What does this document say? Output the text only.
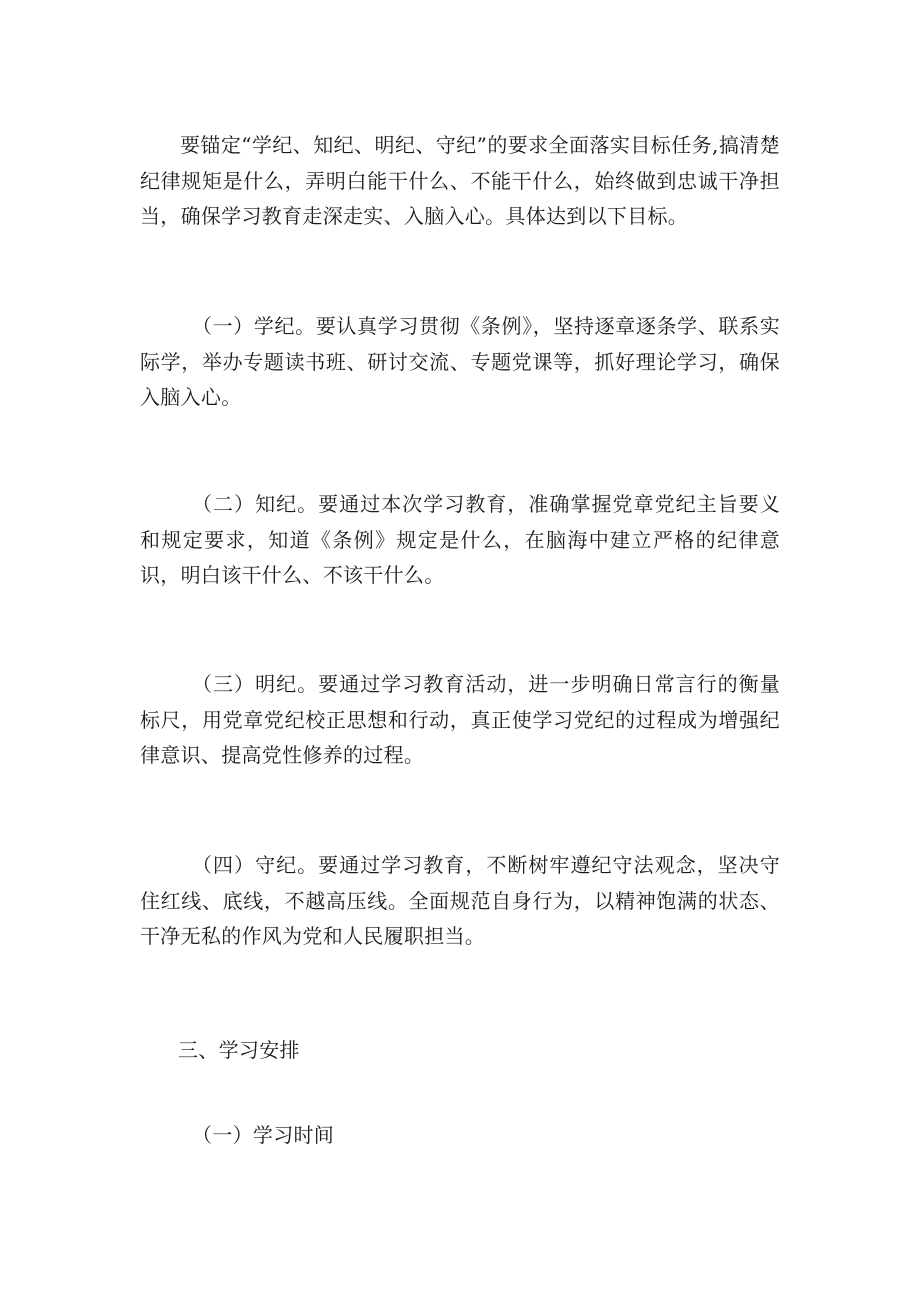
要锚定“学纪、知纪、明纪、守纪”的要求全面落实目标任务,搞清楚纪律规矩是什么，弄明白能干什么、不能干什么，始终做到忠诚干净担当，确保学习教育走深走实、入脑入心。具体达到以下目标。

（一）学纪。要认真学习贯彻《条例》，坚持逐章逐条学、联系实际学，举办专题读书班、研讨交流、专题党课等，抓好理论学习，确保入脑入心。

（二）知纪。要通过本次学习教育，准确掌握党章党纪主旨要义和规定要求，知道《条例》规定是什么，在脑海中建立严格的纪律意识，明白该干什么、不该干什么。

（三）明纪。要通过学习教育活动，进一步明确日常言行的衡量标尺，用党章党纪校正思想和行动，真正使学习党纪的过程成为增强纪律意识、提高党性修养的过程。

（四）守纪。要通过学习教育，不断树牢遵纪守法观念，坚决守住红线、底线，不越高压线。全面规范自身行为，以精神饱满的状态、干净无私的作风为党和人民履职担当。

三、学习安排

（一）学习时间
